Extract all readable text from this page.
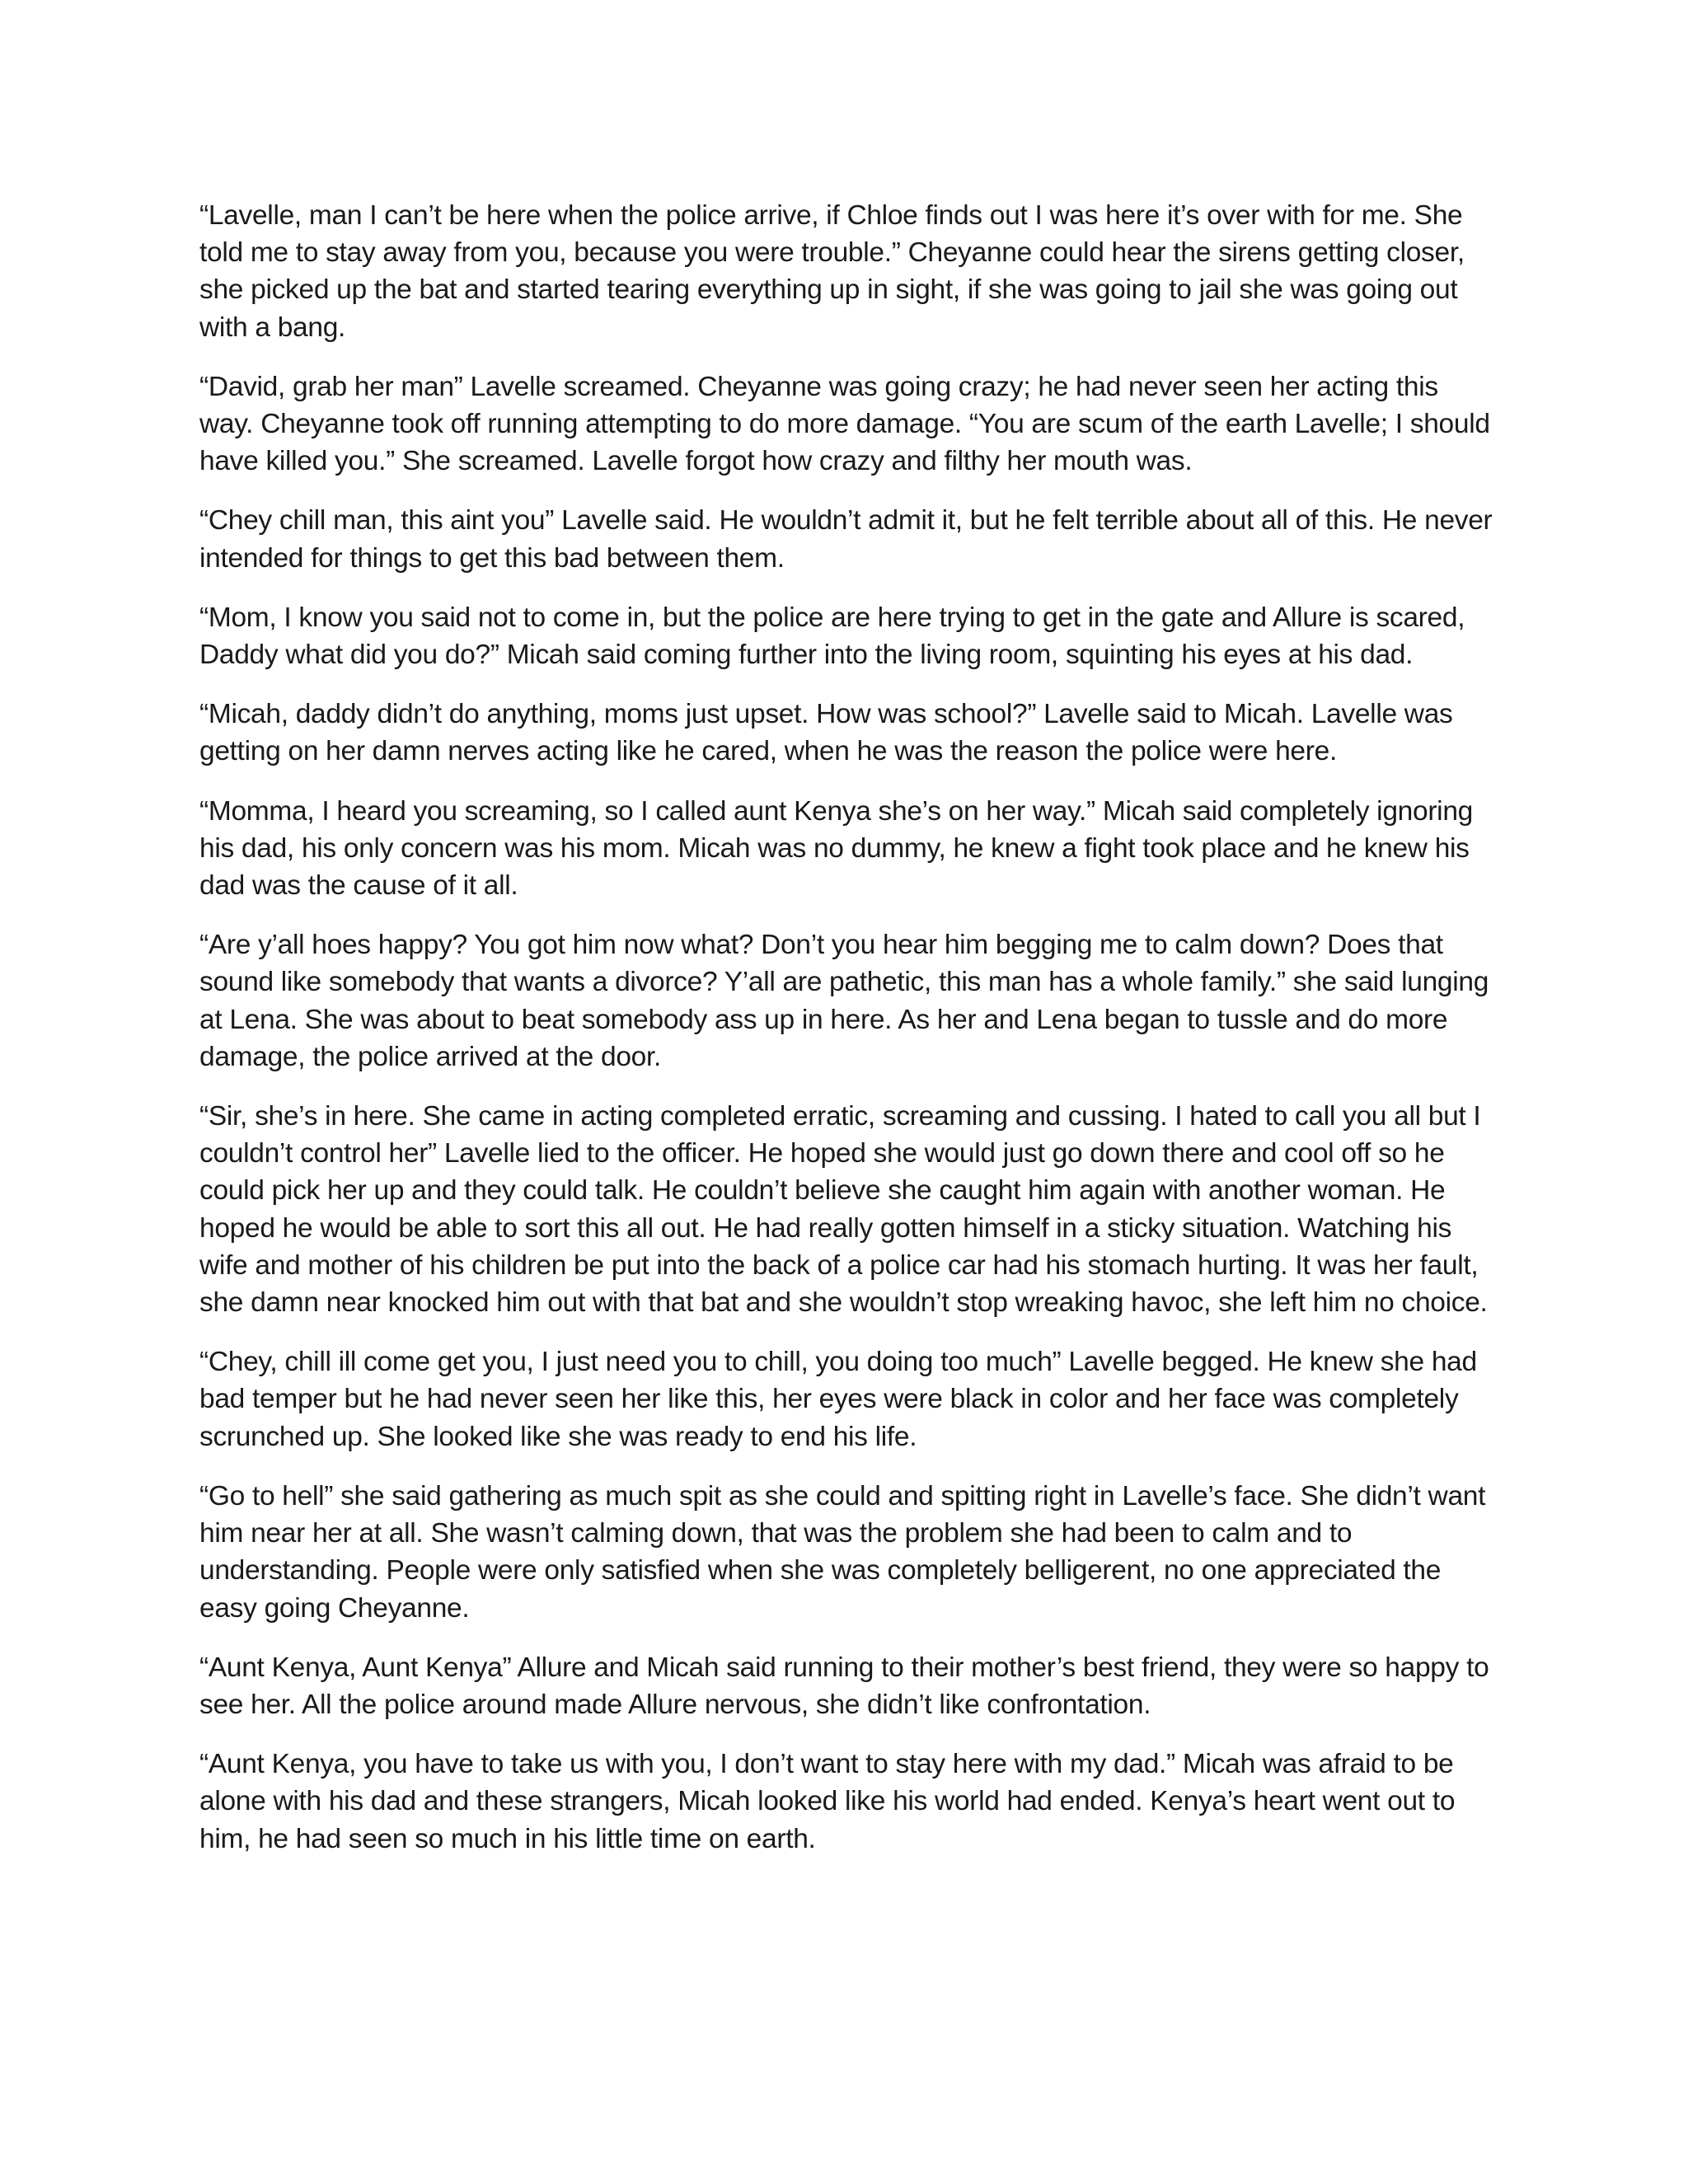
“Lavelle, man I can’t be here when the police arrive, if Chloe finds out I was here it’s over with for me. She told me to stay away from you, because you were trouble.” Cheyanne could hear the sirens getting closer, she picked up the bat and started tearing everything up in sight, if she was going to jail she was going out with a bang.

“David, grab her man” Lavelle screamed. Cheyanne was going crazy; he had never seen her acting this way. Cheyanne took off running attempting to do more damage. “You are scum of the earth Lavelle; I should have killed you.” She screamed. Lavelle forgot how crazy and filthy her mouth was.

“Chey chill man, this aint you” Lavelle said. He wouldn’t admit it, but he felt terrible about all of this. He never intended for things to get this bad between them.

“Mom, I know you said not to come in, but the police are here trying to get in the gate and Allure is scared, Daddy what did you do?” Micah said coming further into the living room, squinting his eyes at his dad.

“Micah, daddy didn’t do anything, moms just upset. How was school?” Lavelle said to Micah. Lavelle was getting on her damn nerves acting like he cared, when he was the reason the police were here.

“Momma, I heard you screaming, so I called aunt Kenya she’s on her way.” Micah said completely ignoring his dad, his only concern was his mom. Micah was no dummy, he knew a fight took place and he knew his dad was the cause of it all.

“Are y’all hoes happy? You got him now what? Don’t you hear him begging me to calm down? Does that sound like somebody that wants a divorce? Y’all are pathetic, this man has a whole family.” she said lunging at Lena. She was about to beat somebody ass up in here. As her and Lena began to tussle and do more damage, the police arrived at the door.

“Sir, she’s in here. She came in acting completed erratic, screaming and cussing. I hated to call you all but I couldn’t control her” Lavelle lied to the officer. He hoped she would just go down there and cool off so he could pick her up and they could talk. He couldn’t believe she caught him again with another woman. He hoped he would be able to sort this all out. He had really gotten himself in a sticky situation. Watching his wife and mother of his children be put into the back of a police car had his stomach hurting. It was her fault, she damn near knocked him out with that bat and she wouldn’t stop wreaking havoc, she left him no choice.

“Chey, chill ill come get you, I just need you to chill, you doing too much” Lavelle begged. He knew she had bad temper but he had never seen her like this, her eyes were black in color and her face was completely scrunched up. She looked like she was ready to end his life.

“Go to hell” she said gathering as much spit as she could and spitting right in Lavelle’s face. She didn’t want him near her at all. She wasn’t calming down, that was the problem she had been to calm and to understanding. People were only satisfied when she was completely belligerent, no one appreciated the easy going Cheyanne.

“Aunt Kenya, Aunt Kenya” Allure and Micah said running to their mother’s best friend, they were so happy to see her. All the police around made Allure nervous, she didn’t like confrontation.

“Aunt Kenya, you have to take us with you, I don’t want to stay here with my dad.” Micah was afraid to be alone with his dad and these strangers, Micah looked like his world had ended. Kenya’s heart went out to him, he had seen so much in his little time on earth.
